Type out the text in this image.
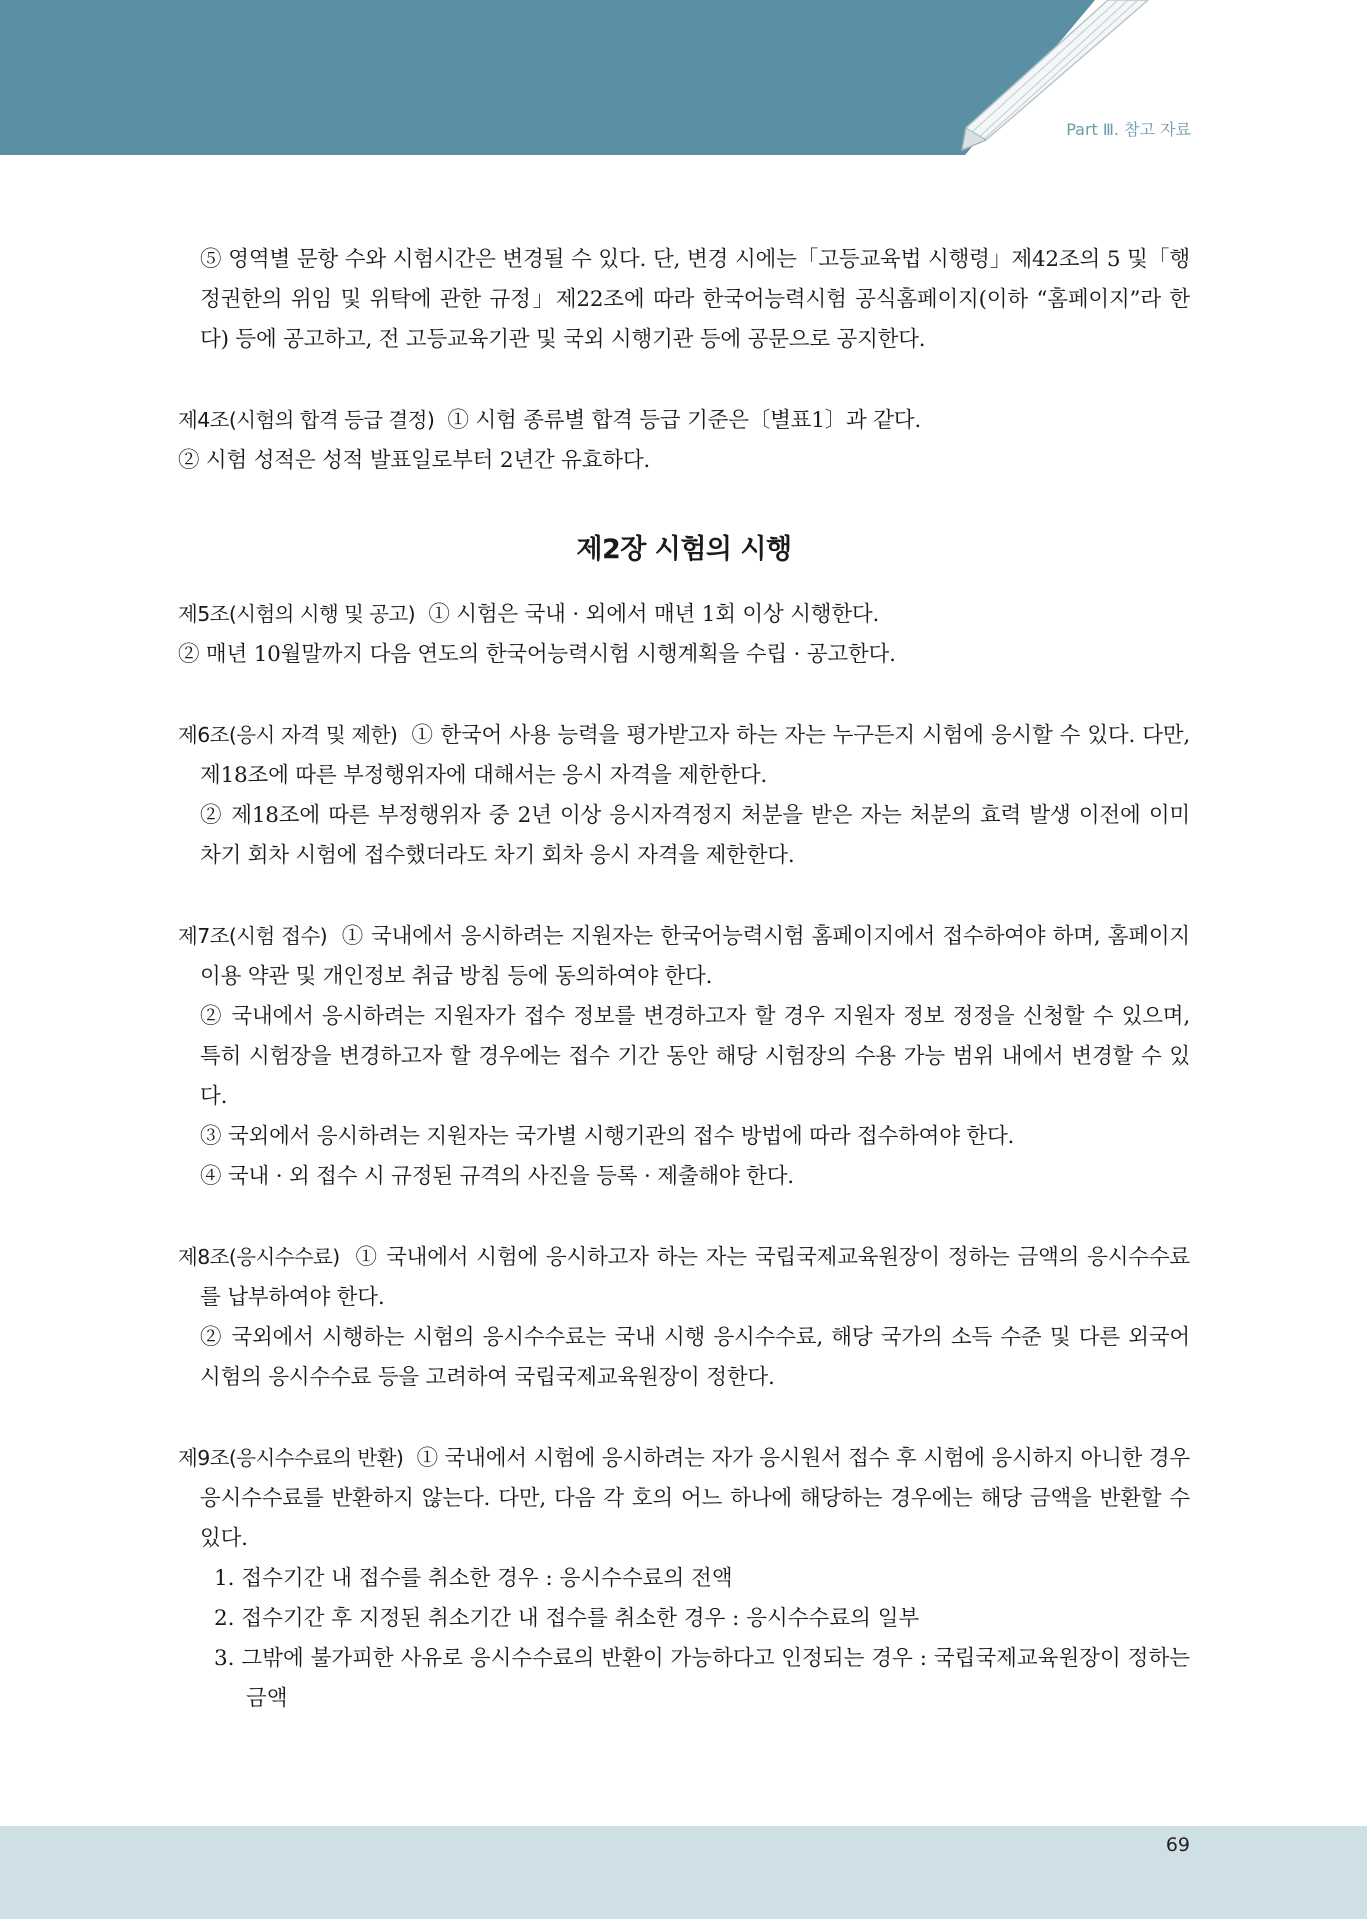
Part Ⅲ. 참고 자료
⑤ 영역별 문항 수와 시험시간은 변경될 수 있다. 단, 변경 시에는「고등교육법 시행령」제42조의 5 및「행정권한의 위임 및 위탁에 관한 규정」제22조에 따라 한국어능력시험 공식홈페이지(이하 “홈페이지”라 한다) 등에 공고하고, 전 고등교육기관 및 국외 시행기관 등에 공문으로 공지한다.
제4조(시험의 합격 등급 결정) ① 시험 종류별 합격 등급 기준은〔별표1〕과 같다.
② 시험 성적은 성적 발표일로부터 2년간 유효하다.
제2장 시험의 시행
제5조(시험의 시행 및 공고) ① 시험은 국내 · 외에서 매년 1회 이상 시행한다.
② 매년 10월말까지 다음 연도의 한국어능력시험 시행계획을 수립 · 공고한다.
제6조(응시 자격 및 제한) ① 한국어 사용 능력을 평가받고자 하는 자는 누구든지 시험에 응시할 수 있다. 다만, 제18조에 따른 부정행위자에 대해서는 응시 자격을 제한한다.
② 제18조에 따른 부정행위자 중 2년 이상 응시자격정지 처분을 받은 자는 처분의 효력 발생 이전에 이미 차기 회차 시험에 접수했더라도 차기 회차 응시 자격을 제한한다.
제7조(시험 접수) ① 국내에서 응시하려는 지원자는 한국어능력시험 홈페이지에서 접수하여야 하며, 홈페이지 이용 약관 및 개인정보 취급 방침 등에 동의하여야 한다.
② 국내에서 응시하려는 지원자가 접수 정보를 변경하고자 할 경우 지원자 정보 정정을 신청할 수 있으며, 특히 시험장을 변경하고자 할 경우에는 접수 기간 동안 해당 시험장의 수용 가능 범위 내에서 변경할 수 있다.
③ 국외에서 응시하려는 지원자는 국가별 시행기관의 접수 방법에 따라 접수하여야 한다.
④ 국내 · 외 접수 시 규정된 규격의 사진을 등록 · 제출해야 한다.
제8조(응시수수료) ① 국내에서 시험에 응시하고자 하는 자는 국립국제교육원장이 정하는 금액의 응시수수료를 납부하여야 한다.
② 국외에서 시행하는 시험의 응시수수료는 국내 시행 응시수수료, 해당 국가의 소득 수준 및 다른 외국어 시험의 응시수수료 등을 고려하여 국립국제교육원장이 정한다.
제9조(응시수수료의 반환) ① 국내에서 시험에 응시하려는 자가 응시원서 접수 후 시험에 응시하지 아니한 경우 응시수수료를 반환하지 않는다. 다만, 다음 각 호의 어느 하나에 해당하는 경우에는 해당 금액을 반환할 수 있다.
1. 접수기간 내 접수를 취소한 경우 : 응시수수료의 전액
2. 접수기간 후 지정된 취소기간 내 접수를 취소한 경우 : 응시수수료의 일부
3. 그밖에 불가피한 사유로 응시수수료의 반환이 가능하다고 인정되는 경우 : 국립국제교육원장이 정하는 금액
69
